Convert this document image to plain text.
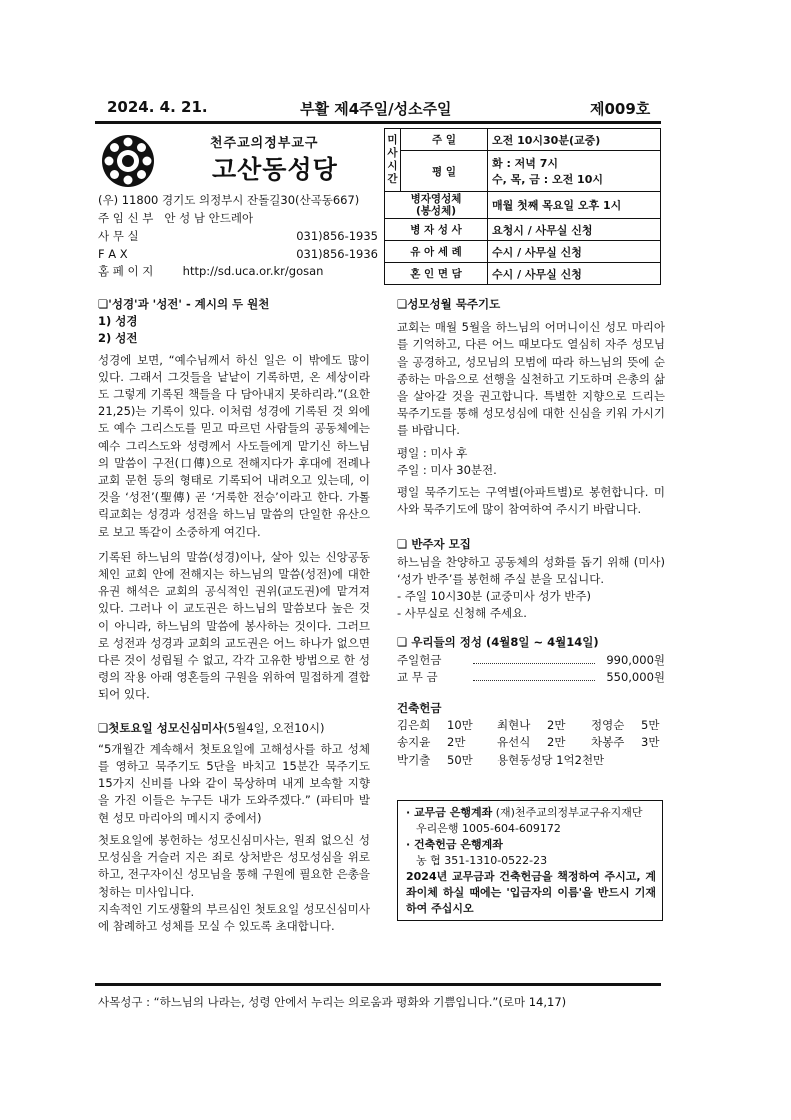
2024. 4. 21.	부활 제4주일/성소주일	제009호
천주교의정부교구
고산동성당
(우) 11800 경기도 의정부시 잔돌길30(산곡동667)
주 임 신 부 안 성 남 안드레아
사 무 실	031)856-1935
F A X	031)856-1936
홈 페 이 지	http://sd.uca.or.kr/gosan
미사시간	주 일	오전 10시30분(교중)
	평 일	화 : 저녁 7시
수, 목, 금 : 오전 10시

병자영성체
(봉성체)		매월 첫째 목요일 오후 1시
병 자 성 사		요청시 / 사무실 신청
유 아 세 례		수시 / 사무실 신청
혼 인 면 담		수시 / 사무실 신청

❏'성경'과 '성전' - 계시의 두 원천

1) 성경

2) 성전

성경에 보면, “예수님께서 하신 일은 이 밖에도 많이 있다. 그래서 그것들을 낱낱이 기록하면, 온 세상이라도 그렇게 기록된 책들을 다 담아내지 못하리라.”(요한 21,25)는 기록이 있다. 이처럼 성경에 기록된 것 외에도 예수 그리스도를 믿고 따르던 사람들의 공동체에는 예수 그리스도와 성령께서 사도들에게 맡기신 하느님의 말씀이 구전(口傳)으로 전해지다가 후대에 전례나 교회 문헌 등의 형태로 기록되어 내려오고 있는데, 이것을 ‘성전’(聖傳) 곧 ‘거룩한 전승’이라고 한다. 가톨릭교회는 성경과 성전을 하느님 말씀의 단일한 유산으로 보고 똑같이 소중하게 여긴다.

기록된 하느님의 말씀(성경)이나, 살아 있는 신앙공동체인 교회 안에 전해지는 하느님의 말씀(성전)에 대한 유권 해석은 교회의 공식적인 권위(교도권)에 맡겨져 있다. 그러나 이 교도권은 하느님의 말씀보다 높은 것이 아니라, 하느님의 말씀에 봉사하는 것이다. 그러므로 성전과 성경과 교회의 교도권은 어느 하나가 없으면 다른 것이 성립될 수 없고, 각각 고유한 방법으로 한 성령의 작용 아래 영혼들의 구원을 위하여 밀접하게 결합되어 있다.

❏첫토요일 성모신심미사(5월4일, 오전10시)

“5개월간 계속해서 첫토요일에 고해성사를 하고 성체를 영하고 묵주기도 5단을 바치고 15분간 묵주기도 15가지 신비를 나와 같이 묵상하며 내게 보속할 지향을 가진 이들은 누구든 내가 도와주겠다.” (파티마 발현 성모 마리아의 메시지 중에서)

첫토요일에 봉헌하는 성모신심미사는, 원죄 없으신 성모성심을 거슬러 지은 죄로 상처받은 성모성심을 위로하고, 전구자이신 성모님을 통해 구원에 필요한 은총을 청하는 미사입니다.

지속적인 기도생활의 부르심인 첫토요일 성모신심미사에 참례하고 성체를 모실 수 있도록 초대합니다.

❏성모성월 묵주기도

교회는 매월 5월을 하느님의 어머니이신 성모 마리아를 기억하고, 다른 어느 때보다도 열심히 자주 성모님을 공경하고, 성모님의 모범에 따라 하느님의 뜻에 순종하는 마음으로 선행을 실천하고 기도하며 은총의 삶을 살아갈 것을 권고합니다. 특별한 지향으로 드리는 묵주기도를 통해 성모성심에 대한 신심을 키워 가시기를 바랍니다.

평일 : 미사 후

주일 : 미사 30분전.

평일 묵주기도는 구역별(아파트별)로 봉헌합니다. 미사와 묵주기도에 많이 참여하여 주시기 바랍니다.

❏ 반주자 모집

하느님을 찬양하고 공동체의 성화를 돕기 위해 (미사) ‘성가 반주’를 봉헌해 주실 분을 모십니다.

- 주일 10시30분 (교중미사 성가 반주)

- 사무실로 신청해 주세요.

❏ 우리들의 정성 (4월8일 ~ 4월14일)

주일헌금	990,000원
교 무 금	550,000원

건축헌금

김은희	10만	최현나	2만	정영순	5만
송지윤	2만	유선식	2만	차봉주	3만
박기출	50만	용현동성당 1억2천만
· 교무금 은행계좌 (재)천주교의정부교구유지재단
우리은행 1005-604-609172
· 건축헌금 은행계좌
농 협 351-1310-0522-23
2024년 교무금과 건축헌금을 책정하여 주시고, 계좌이체 하실 때에는 '입금자의 이름'을 반드시 기재하여 주십시오
사목성구 : “하느님의 나라는, 성령 안에서 누리는 의로움과 평화와 기쁨입니다.”(로마 14,17)
